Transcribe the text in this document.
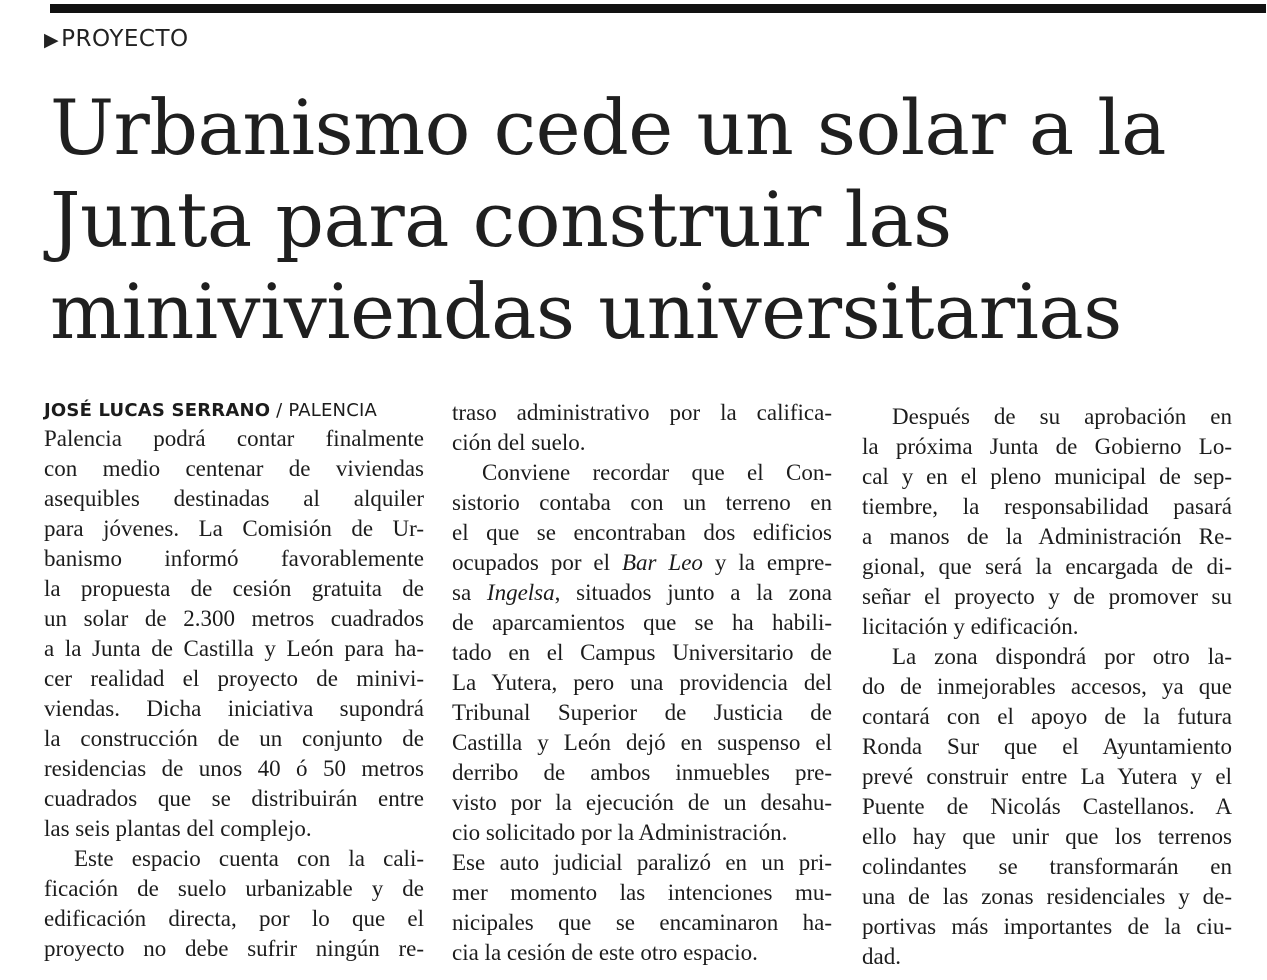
▶PROYECTO
Urbanismo cede un solar a la
Junta para construir las
miniviviendas universitarias
JOSÉ LUCAS SERRANO / PALENCIA
Palencia podrá contar finalmente
con medio centenar de viviendas
asequibles destinadas al alquiler
para jóvenes. La Comisión de Ur-
banismo informó favorablemente
la propuesta de cesión gratuita de
un solar de 2.300 metros cuadrados
a la Junta de Castilla y León para ha-
cer realidad el proyecto de minivi-
viendas. Dicha iniciativa supondrá
la construcción de un conjunto de
residencias de unos 40 ó 50 metros
cuadrados que se distribuirán entre
las seis plantas del complejo.
Este espacio cuenta con la cali-
ficación de suelo urbanizable y de
edificación directa, por lo que el
proyecto no debe sufrir ningún re-
traso administrativo por la califica-
ción del suelo.
Conviene recordar que el Con-
sistorio contaba con un terreno en
el que se encontraban dos edificios
ocupados por el Bar Leo y la empre-
sa Ingelsa, situados junto a la zona
de aparcamientos que se ha habili-
tado en el Campus Universitario de
La Yutera, pero una providencia del
Tribunal Superior de Justicia de
Castilla y León dejó en suspenso el
derribo de ambos inmuebles pre-
visto por la ejecución de un desahu-
cio solicitado por la Administración.
Ese auto judicial paralizó en un pri-
mer momento las intenciones mu-
nicipales que se encaminaron ha-
cia la cesión de este otro espacio.
Después de su aprobación en
la próxima Junta de Gobierno Lo-
cal y en el pleno municipal de sep-
tiembre, la responsabilidad pasará
a manos de la Administración Re-
gional, que será la encargada de di-
señar el proyecto y de promover su
licitación y edificación.
La zona dispondrá por otro la-
do de inmejorables accesos, ya que
contará con el apoyo de la futura
Ronda Sur que el Ayuntamiento
prevé construir entre La Yutera y el
Puente de Nicolás Castellanos. A
ello hay que unir que los terrenos
colindantes se transformarán en
una de las zonas residenciales y de-
portivas más importantes de la ciu-
dad.
